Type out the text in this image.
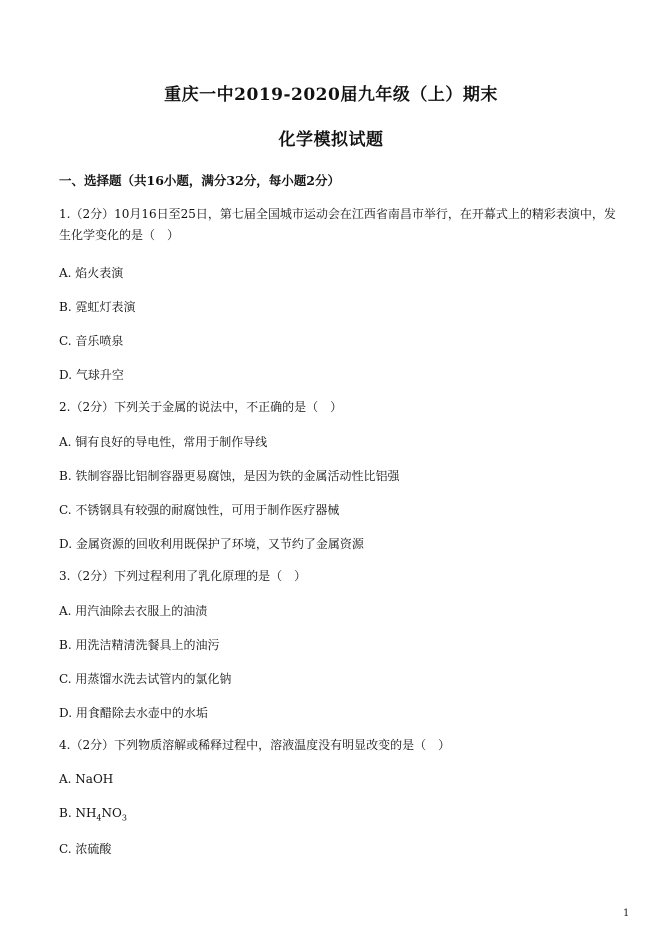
重庆一中2019-2020届九年级（上）期末
化学模拟试题
一、选择题（共16小题，满分32分，每小题2分）
1.（2分）10月16日至25日，第七届全国城市运动会在江西省南昌市举行，在开幕式上的精彩表演中，发生化学变化的是（　）
A. 焰火表演
B. 霓虹灯表演
C. 音乐喷泉
D. 气球升空
2.（2分）下列关于金属的说法中，不正确的是（　）
A. 铜有良好的导电性，常用于制作导线
B. 铁制容器比铝制容器更易腐蚀，是因为铁的金属活动性比铝强
C. 不锈钢具有较强的耐腐蚀性，可用于制作医疗器械
D. 金属资源的回收利用既保护了环境，又节约了金属资源
3.（2分）下列过程利用了乳化原理的是（　）
A. 用汽油除去衣服上的油渍
B. 用洗洁精清洗餐具上的油污
C. 用蒸馏水洗去试管内的氯化钠
D. 用食醋除去水壶中的水垢
4.（2分）下列物质溶解或稀释过程中，溶液温度没有明显改变的是（　）
A. NaOH
B. $NH_4NO_3$
C. 浓硫酸
1
